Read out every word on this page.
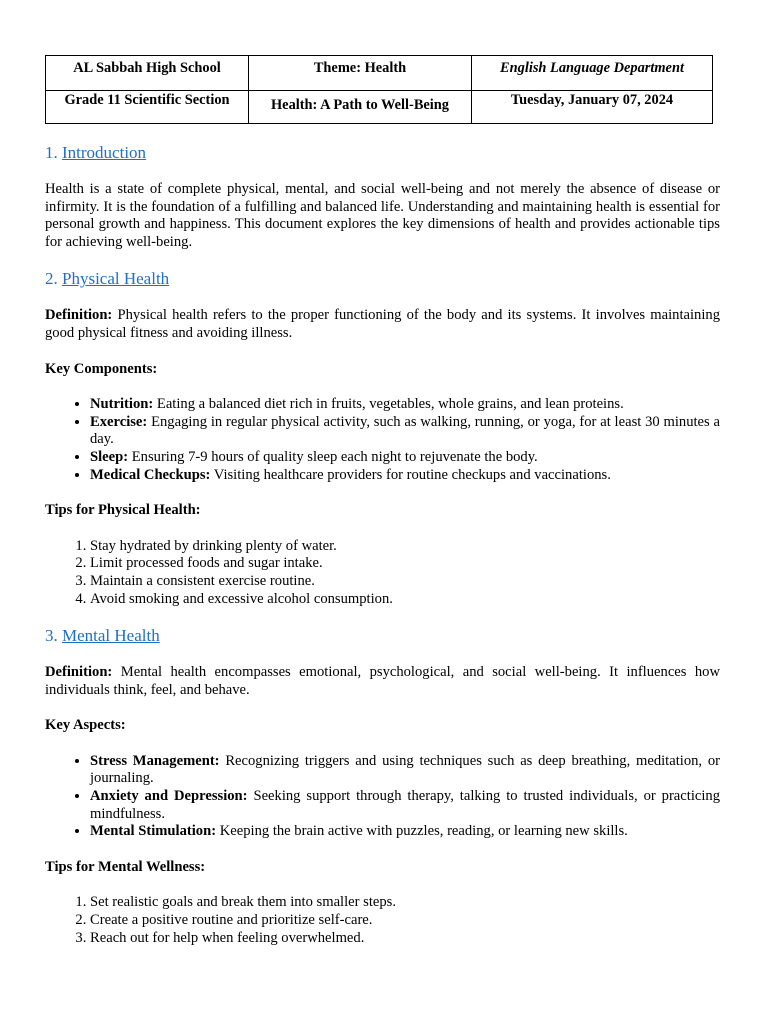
AL Sabbah High School	Theme: Health	English Language Department
Grade 11 Scientific Section	Health: A Path to Well-Being	Tuesday, January 07, 2024
1. Introduction

Health is a state of complete physical, mental, and social well-being and not merely the absence of disease or infirmity. It is the foundation of a fulfilling and balanced life. Understanding and maintaining health is essential for personal growth and happiness. This document explores the key dimensions of health and provides actionable tips for achieving well-being.

2. Physical Health

Definition: Physical health refers to the proper functioning of the body and its systems. It involves maintaining good physical fitness and avoiding illness.

Key Components:

• Nutrition: Eating a balanced diet rich in fruits, vegetables, whole grains, and lean proteins.
• Exercise: Engaging in regular physical activity, such as walking, running, or yoga, for at least 30 minutes a day.
• Sleep: Ensuring 7-9 hours of quality sleep each night to rejuvenate the body.
• Medical Checkups: Visiting healthcare providers for routine checkups and vaccinations.

Tips for Physical Health:

1. Stay hydrated by drinking plenty of water.
2. Limit processed foods and sugar intake.
3. Maintain a consistent exercise routine.
4. Avoid smoking and excessive alcohol consumption.
3. Mental Health

Definition: Mental health encompasses emotional, psychological, and social well-being. It influences how individuals think, feel, and behave.

Key Aspects:

• Stress Management: Recognizing triggers and using techniques such as deep breathing, meditation, or journaling.
• Anxiety and Depression: Seeking support through therapy, talking to trusted individuals, or practicing mindfulness.
• Mental Stimulation: Keeping the brain active with puzzles, reading, or learning new skills.

Tips for Mental Wellness:

1. Set realistic goals and break them into smaller steps.
2. Create a positive routine and prioritize self-care.
3. Reach out for help when feeling overwhelmed.
